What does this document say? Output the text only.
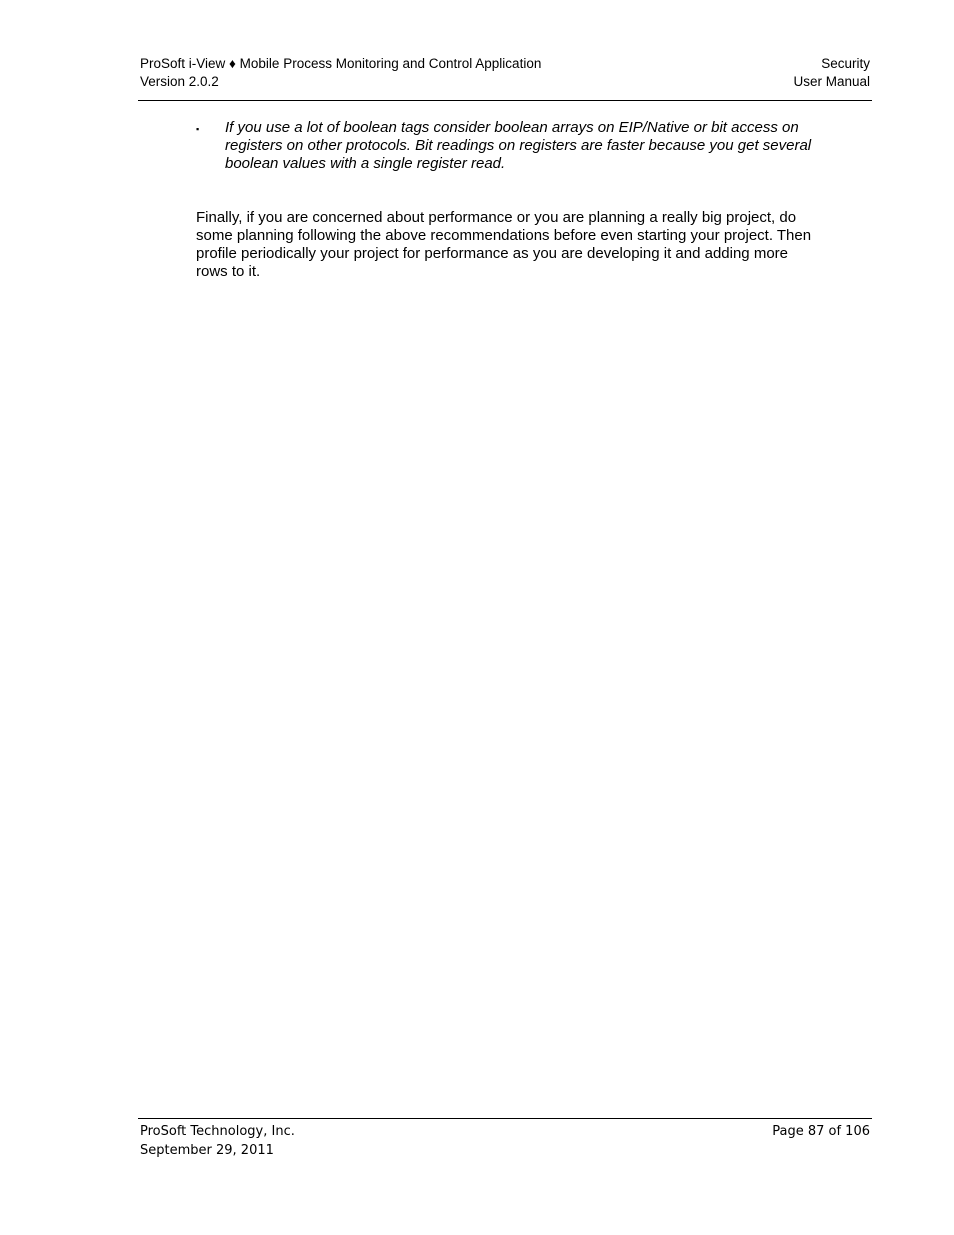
ProSoft i-View ♦ Mobile Process Monitoring and Control Application	Security
Version 2.0.2	User Manual
▪	If you use a lot of boolean tags consider boolean arrays on EIP/Native or bit access on registers on other protocols. Bit readings on registers are faster because you get several boolean values with a single register read.
Finally, if you are concerned about performance or you are planning a really big project, do some planning following the above recommendations before even starting your project. Then profile periodically your project for performance as you are developing it and adding more rows to it.
ProSoft Technology, Inc.	Page 87 of 106
September 29, 2011
